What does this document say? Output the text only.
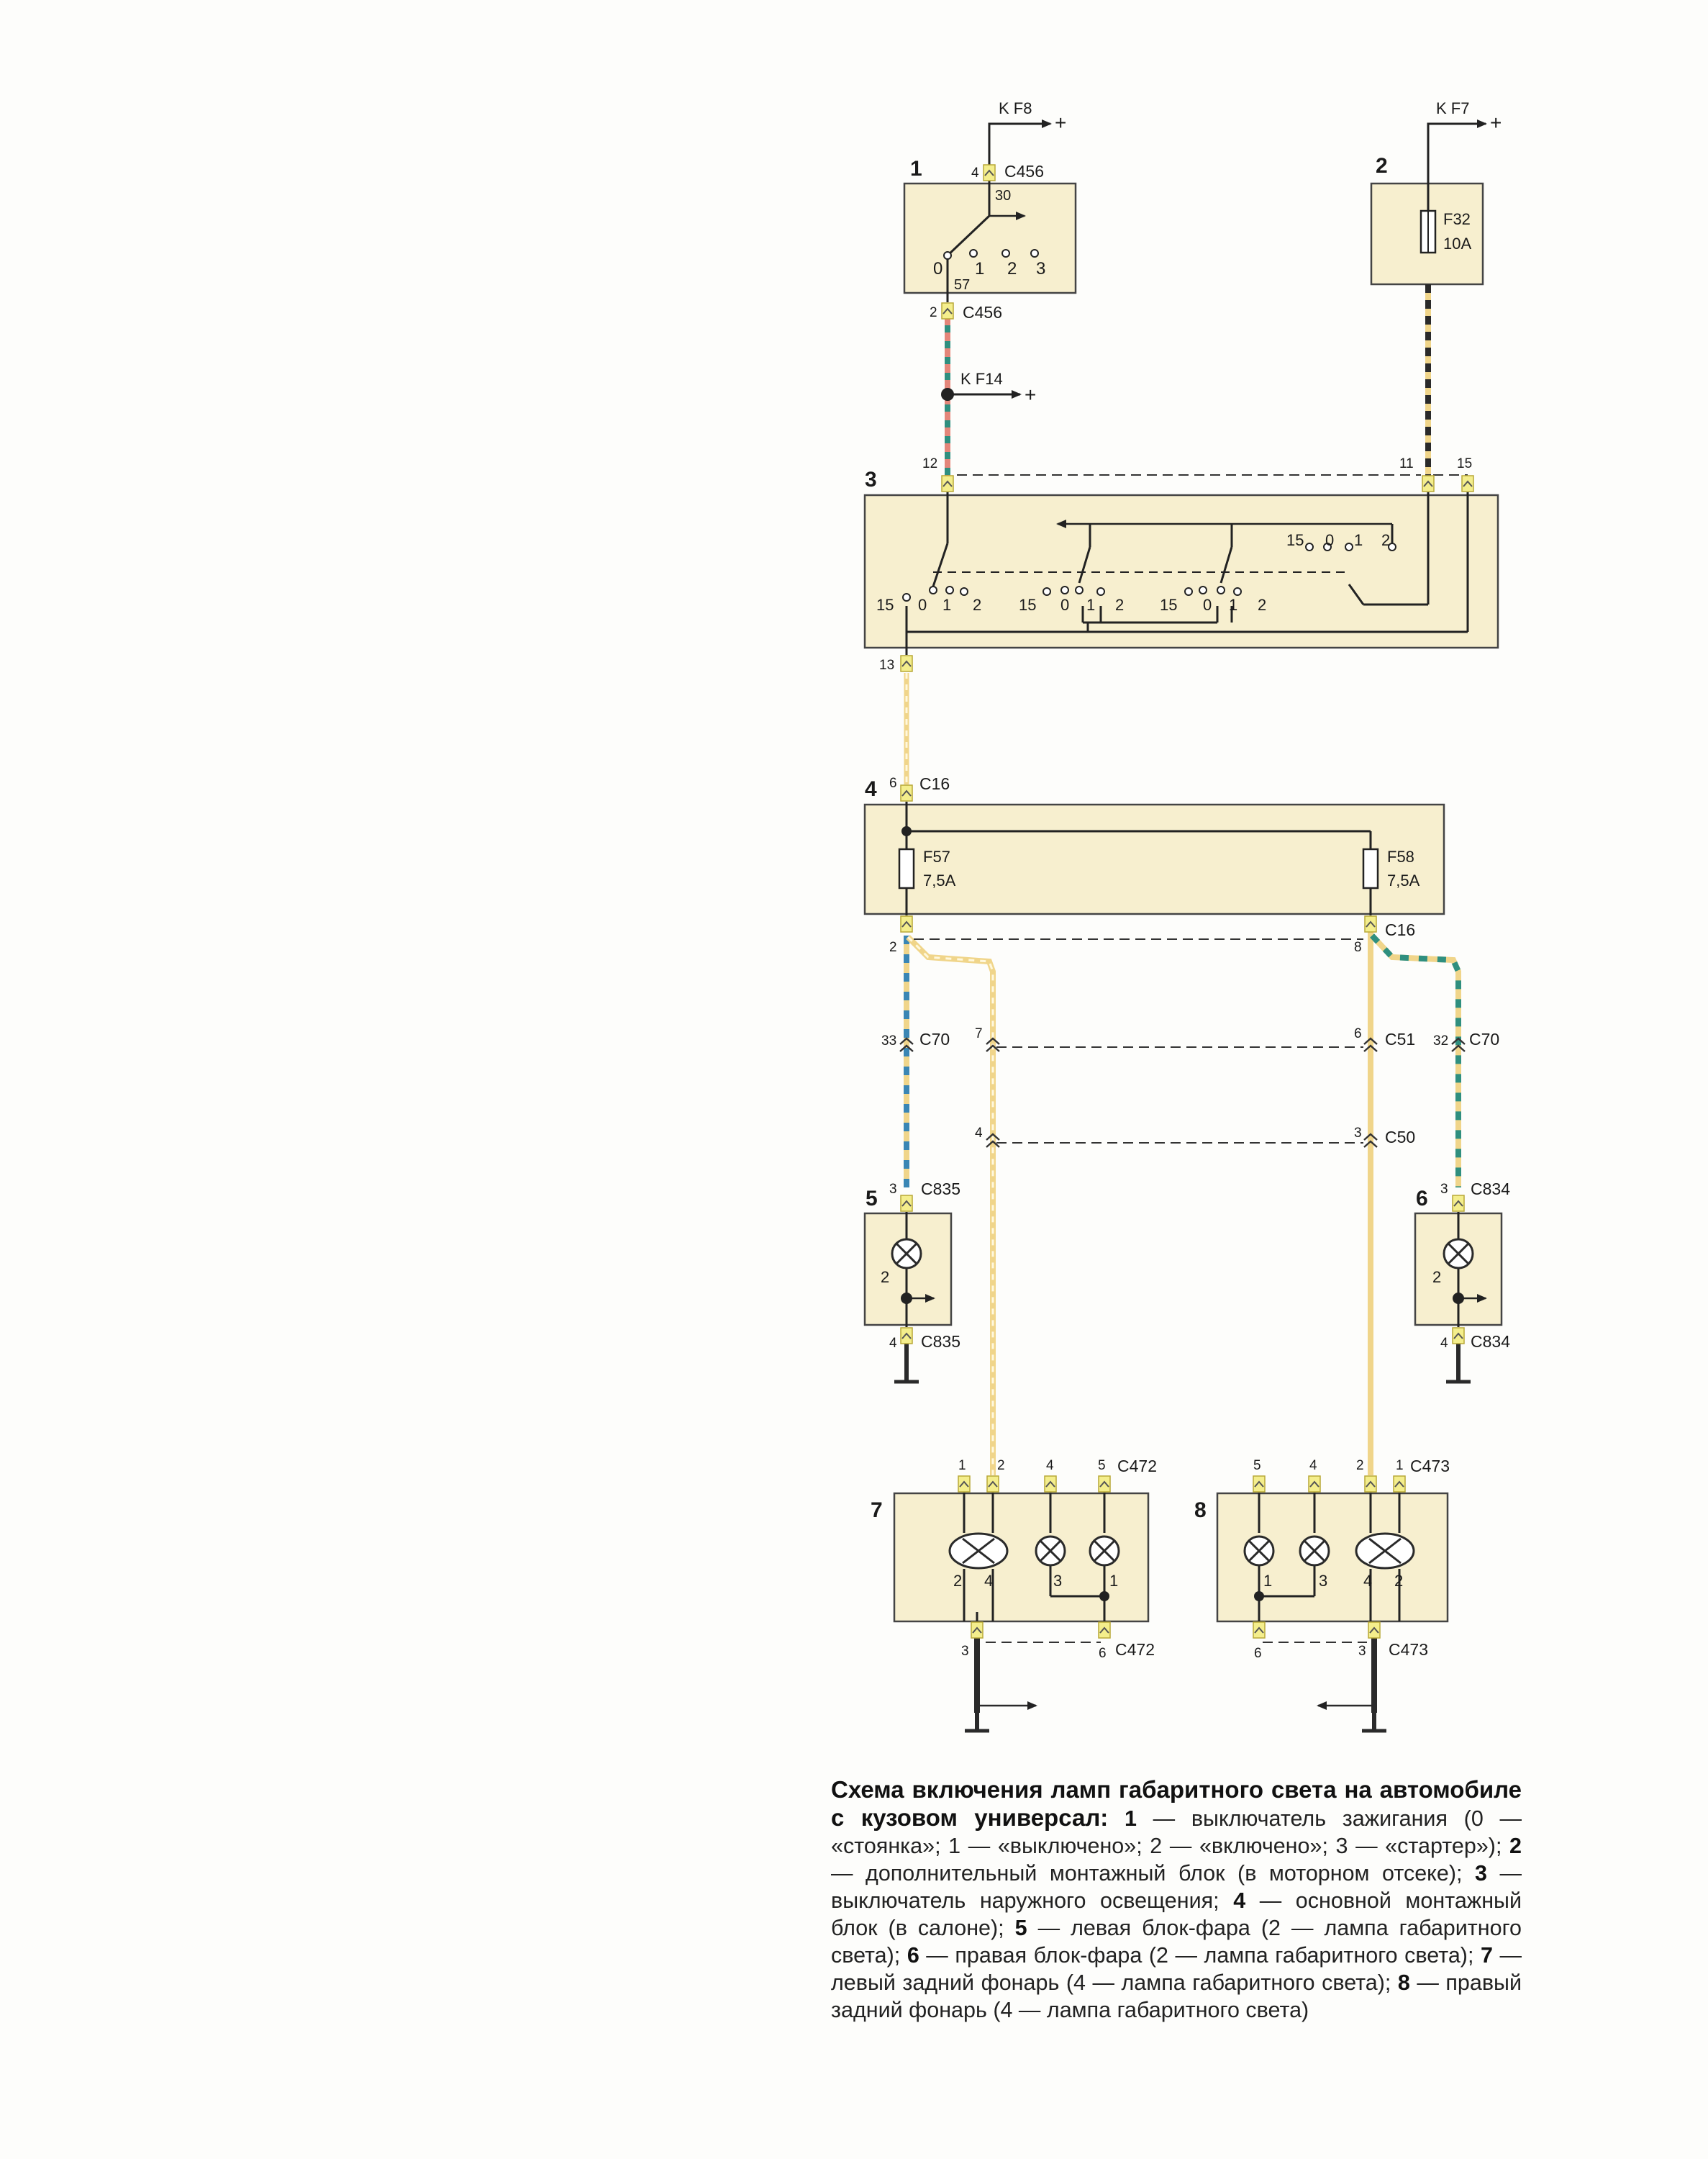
K F8
+
K F7
+
K F14
+
30
57
0 1 2 3
1	4 C456
2 C456
F32
10A
2
3
12	11	15
13
15 0 1 2 15 0 1 2 15 0 1 2
15 0 1 2
4 6 C16
2	8
C16
F57
7,5A
F58
7,5A
33 C70	32 C70
7	6 C51
4	3 C50
5 3 C835
4 C835
2
6 3 C834
4 C834
2
7
1 2	4	5 C472
3	6 C472
2 4	3	1
8
5	4	2 1 C473
6	3 C473
1	3 4 2
Схема включения ламп габаритного света на автомобиле с кузовом универсал: 1 — выключатель зажигания (0 — «стоянка»; 1 — «выключено»; 2 — «включено»; 3 — «стартер»); 2 — дополнительный монтажный блок (в моторном отсеке); 3 — выключатель наружного освещения; 4 — основной монтажный блок (в салоне); 5 — левая блок-фара (2 — лампа габаритного света); 6 — правая блок-фара (2 — лампа габаритного света); 7 — левый задний фонарь (4 — лампа габаритного света); 8 — правый задний фонарь (4 — лампа габаритного света)
